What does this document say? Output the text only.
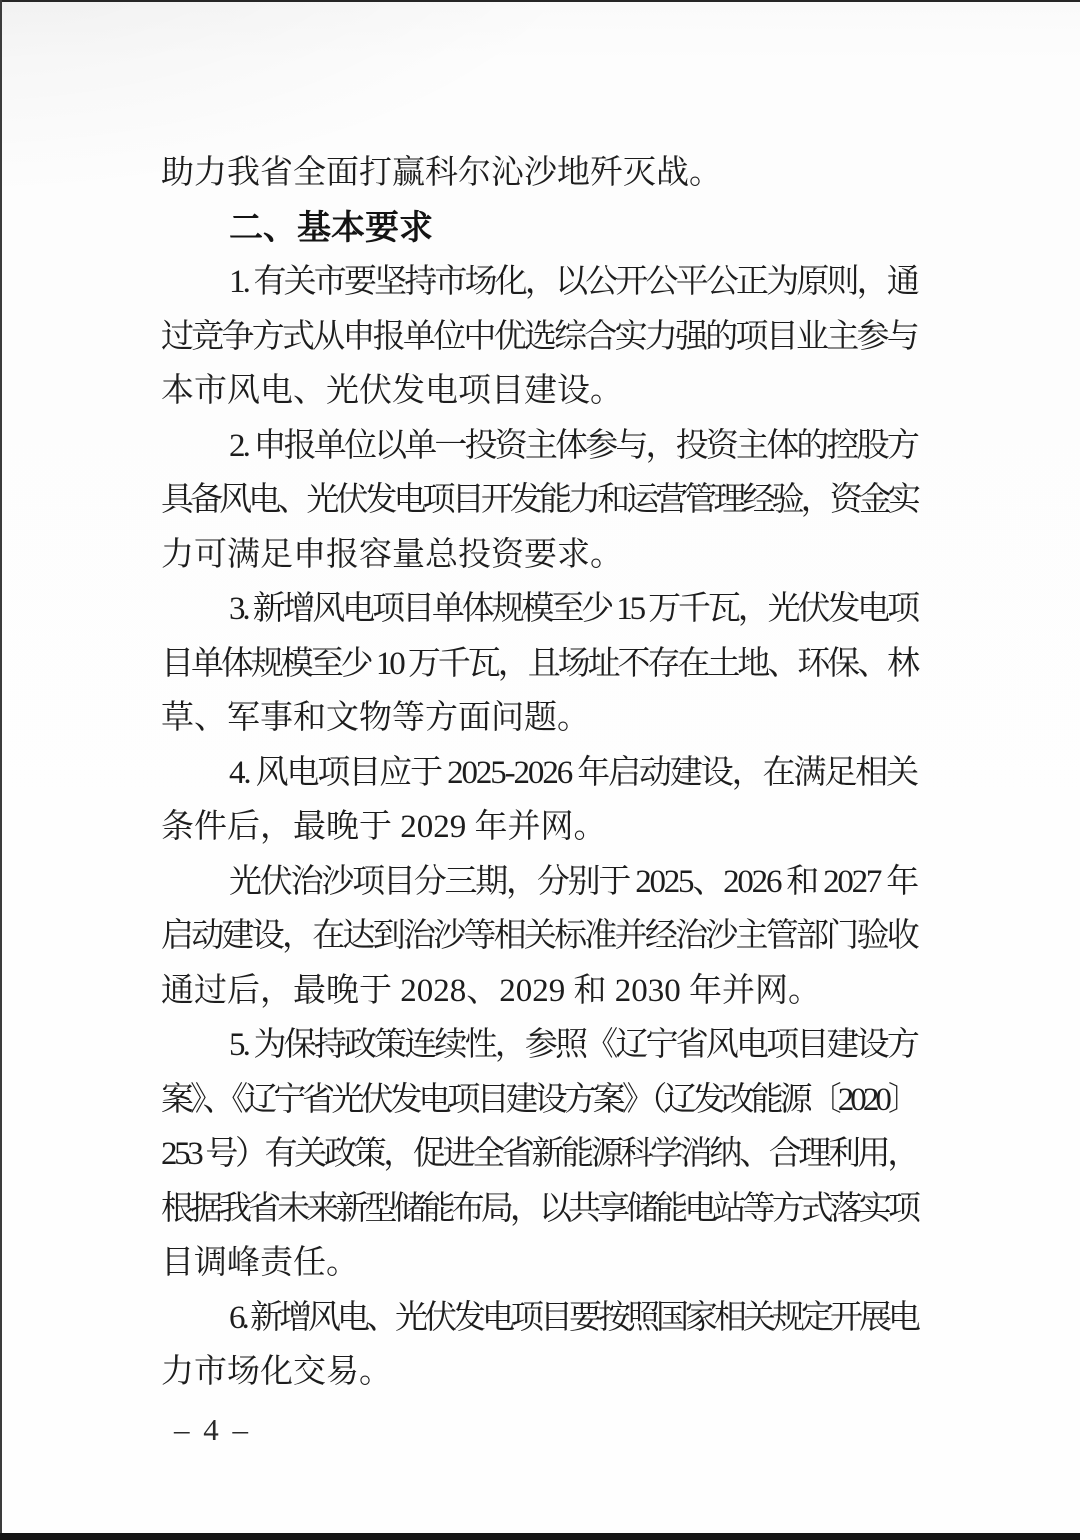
助力我省全面打赢科尔沁沙地歼灭战。
二、基本要求
1. 有关市要坚持市场化，以公开公平公正为原则，通
过竞争方式从申报单位中优选综合实力强的项目业主参与
本市风电、光伏发电项目建设。
2. 申报单位以单一投资主体参与，投资主体的控股方
具备风电、光伏发电项目开发能力和运营管理经验，资金实
力可满足申报容量总投资要求。
3. 新增风电项目单体规模至少 15 万千瓦，光伏发电项
目单体规模至少 10 万千瓦，且场址不存在土地、环保、林
草、军事和文物等方面问题。
4. 风电项目应于 2025-2026 年启动建设，在满足相关
条件后，最晚于 2029 年并网。
光伏治沙项目分三期，分别于 2025、2026 和 2027 年
启动建设，在达到治沙等相关标准并经治沙主管部门验收
通过后，最晚于 2028、2029 和 2030 年并网。
5. 为保持政策连续性，参照《辽宁省风电项目建设方
案》、《辽宁省光伏发电项目建设方案》（辽发改能源〔2020〕
253 号）有关政策，促进全省新能源科学消纳、合理利用，
根据我省未来新型储能布局，以共享储能电站等方式落实项
目调峰责任。
6. 新增风电、光伏发电项目要按照国家相关规定开展电
力市场化交易。
– 4 –
